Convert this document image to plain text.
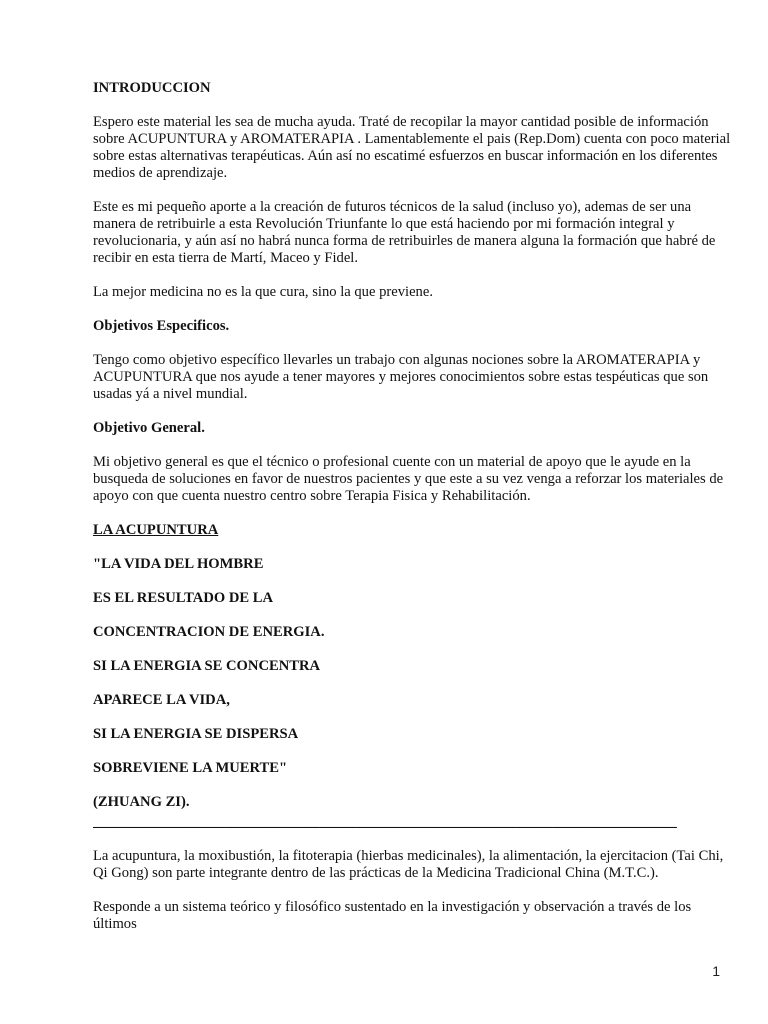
INTRODUCCION

Espero este material les sea de mucha ayuda. Traté de recopilar la mayor cantidad posible de información sobre ACUPUNTURA y AROMATERAPIA . Lamentablemente el pais (Rep.Dom) cuenta con poco material sobre estas alternativas terapéuticas. Aún así no escatimé esfuerzos en buscar información en los diferentes medios de aprendizaje.

Este es mi pequeño aporte a la creación de futuros técnicos de la salud (incluso yo), ademas de ser una manera de retribuirle a esta Revolución Triunfante lo que está haciendo por mi formación integral y revolucionaria, y aún así no habrá nunca forma de retribuirles de manera alguna la formación que habré de recibir en esta tierra de Martí, Maceo y Fidel.

La mejor medicina no es la que cura, sino la que previene.

Objetivos Especificos.

Tengo como objetivo específico llevarles un trabajo con algunas nociones sobre la AROMATERAPIA y ACUPUNTURA que nos ayude a tener mayores y mejores conocimientos sobre estas tespéuticas que son usadas yá a nivel mundial.

Objetivo General.

Mi objetivo general es que el técnico o profesional cuente con un material de apoyo que le ayude en la busqueda de soluciones en favor de nuestros pacientes y que este a su vez venga a reforzar los materiales de apoyo con que cuenta nuestro centro sobre Terapia Fisica y Rehabilitación.

LA ACUPUNTURA

"LA VIDA DEL HOMBRE
ES EL RESULTADO DE LA
CONCENTRACION DE ENERGIA.
SI LA ENERGIA SE CONCENTRA
APARECE LA VIDA,
SI LA ENERGIA SE DISPERSA
SOBREVIENE LA MUERTE"
(ZHUANG ZI).
________________________________________________________________________________

La acupuntura, la moxibustión, la fitoterapia (hierbas medicinales), la alimentación, la ejercitacion (Tai Chi, Qi Gong) son parte integrante dentro de las prácticas de la Medicina Tradicional China (M.T.C.).

Responde a un sistema teórico y filosófico sustentado en la investigación y observación a través de los últimos

1
